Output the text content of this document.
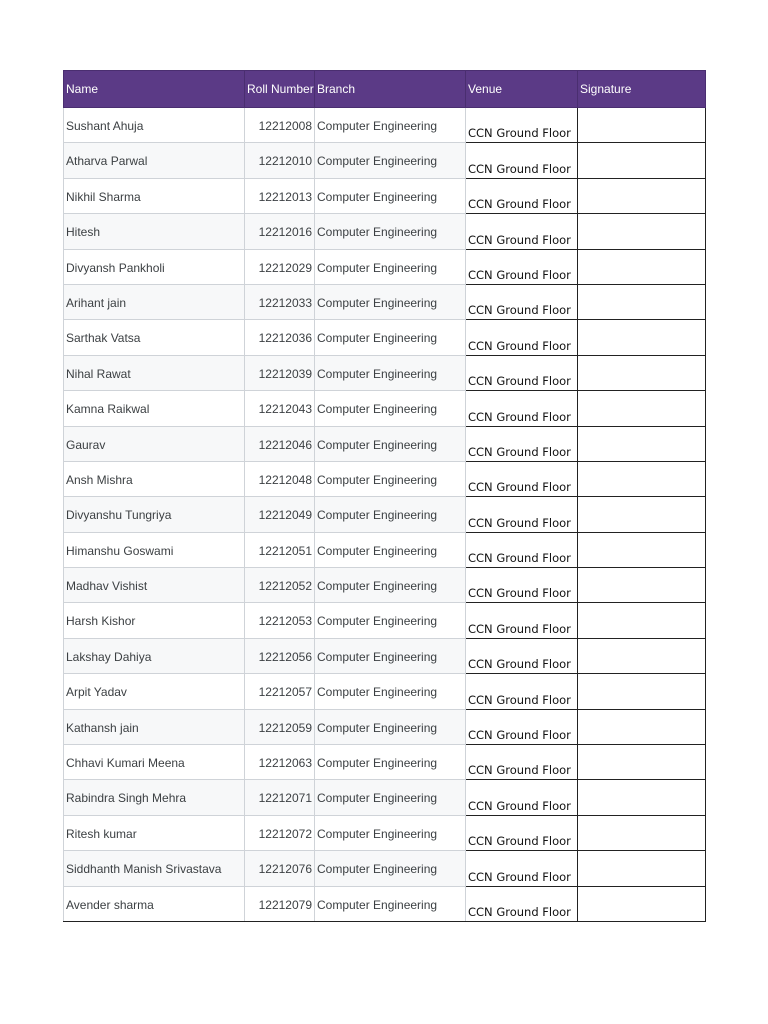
Name	Roll Number	Branch	Venue	Signature
Sushant Ahuja	12212008	Computer Engineering	CCN Ground Floor	
Atharva Parwal	12212010	Computer Engineering	CCN Ground Floor	
Nikhil Sharma	12212013	Computer Engineering	CCN Ground Floor	
Hitesh	12212016	Computer Engineering	CCN Ground Floor	
Divyansh Pankholi	12212029	Computer Engineering	CCN Ground Floor	
Arihant jain	12212033	Computer Engineering	CCN Ground Floor	
Sarthak Vatsa	12212036	Computer Engineering	CCN Ground Floor	
Nihal Rawat	12212039	Computer Engineering	CCN Ground Floor	
Kamna Raikwal	12212043	Computer Engineering	CCN Ground Floor	
Gaurav	12212046	Computer Engineering	CCN Ground Floor	
Ansh Mishra	12212048	Computer Engineering	CCN Ground Floor	
Divyanshu Tungriya	12212049	Computer Engineering	CCN Ground Floor	
Himanshu Goswami	12212051	Computer Engineering	CCN Ground Floor	
Madhav Vishist	12212052	Computer Engineering	CCN Ground Floor	
Harsh Kishor	12212053	Computer Engineering	CCN Ground Floor	
Lakshay Dahiya	12212056	Computer Engineering	CCN Ground Floor	
Arpit Yadav	12212057	Computer Engineering	CCN Ground Floor	
Kathansh jain	12212059	Computer Engineering	CCN Ground Floor	
Chhavi Kumari Meena	12212063	Computer Engineering	CCN Ground Floor	
Rabindra Singh Mehra	12212071	Computer Engineering	CCN Ground Floor	
Ritesh kumar	12212072	Computer Engineering	CCN Ground Floor	
Siddhanth Manish Srivastava	12212076	Computer Engineering	CCN Ground Floor	
Avender sharma	12212079	Computer Engineering	CCN Ground Floor	
